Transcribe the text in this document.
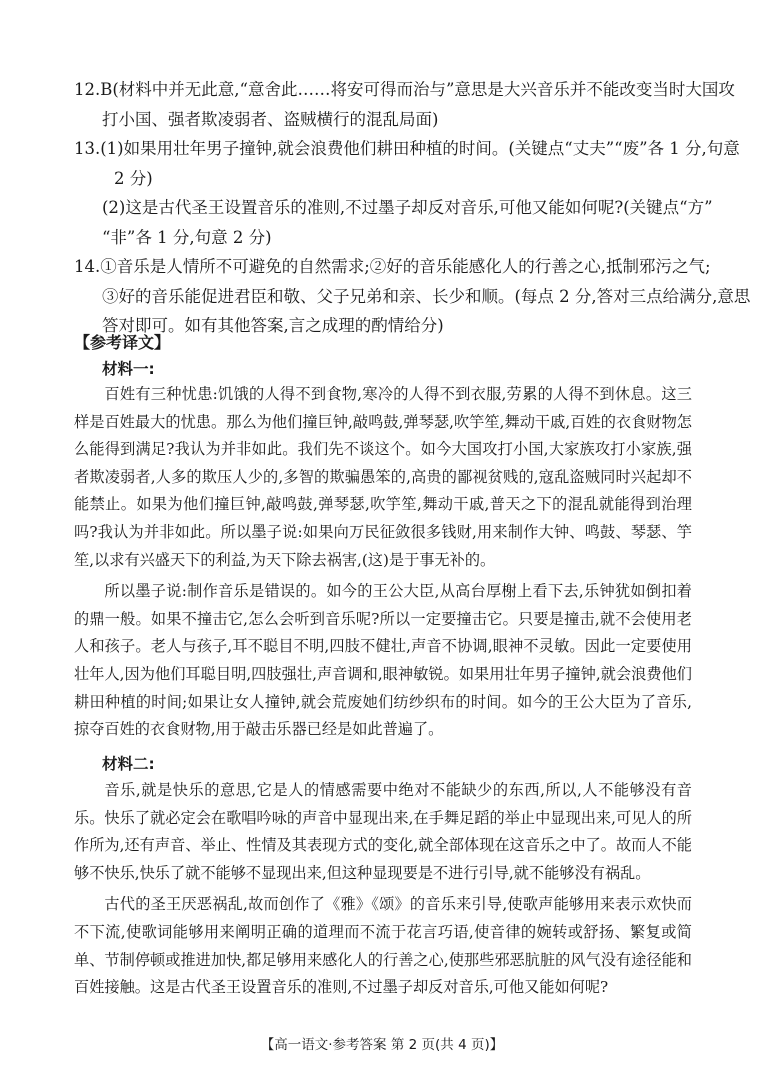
12.B(材料中并无此意,“意舍此……将安可得而治与”意思是大兴音乐并不能改变当时大国攻

打小国、强者欺凌弱者、盗贼横行的混乱局面)

13.(1)如果用壮年男子撞钟,就会浪费他们耕田种植的时间。(关键点“丈夫”“废”各 1 分,句意

2 分)

(2)这是古代圣王设置音乐的准则,不过墨子却反对音乐,可他又能如何呢?(关键点“方”

“非”各 1 分,句意 2 分)

14.①音乐是人情所不可避免的自然需求;②好的音乐能感化人的行善之心,抵制邪污之气;

③好的音乐能促进君臣和敬、父子兄弟和亲、长少和顺。(每点 2 分,答对三点给满分,意思

答对即可。如有其他答案,言之成理的酌情给分)

【参考译文】
材料一:

百姓有三种忧患:饥饿的人得不到食物,寒冷的人得不到衣服,劳累的人得不到休息。这三样是百姓最大的忧患。那么为他们撞巨钟,敲鸣鼓,弹琴瑟,吹竽笙,舞动干戚,百姓的衣食财物怎么能得到满足?我认为并非如此。我们先不谈这个。如今大国攻打小国,大家族攻打小家族,强者欺凌弱者,人多的欺压人少的,多智的欺骗愚笨的,高贵的鄙视贫贱的,寇乱盗贼同时兴起却不能禁止。如果为他们撞巨钟,敲鸣鼓,弹琴瑟,吹竽笙,舞动干戚,普天之下的混乱就能得到治理吗?我认为并非如此。所以墨子说:如果向万民征敛很多钱财,用来制作大钟、鸣鼓、琴瑟、竽笙,以求有兴盛天下的利益,为天下除去祸害,(这)是于事无补的。

所以墨子说:制作音乐是错误的。如今的王公大臣,从高台厚榭上看下去,乐钟犹如倒扣着的鼎一般。如果不撞击它,怎么会听到音乐呢?所以一定要撞击它。只要是撞击,就不会使用老人和孩子。老人与孩子,耳不聪目不明,四肢不健壮,声音不协调,眼神不灵敏。因此一定要使用壮年人,因为他们耳聪目明,四肢强壮,声音调和,眼神敏锐。如果用壮年男子撞钟,就会浪费他们耕田种植的时间;如果让女人撞钟,就会荒废她们纺纱织布的时间。如今的王公大臣为了音乐,掠夺百姓的衣食财物,用于敲击乐器已经是如此普遍了。

材料二:

音乐,就是快乐的意思,它是人的情感需要中绝对不能缺少的东西,所以,人不能够没有音乐。快乐了就必定会在歌唱吟咏的声音中显现出来,在手舞足蹈的举止中显现出来,可见人的所作所为,还有声音、举止、性情及其表现方式的变化,就全部体现在这音乐之中了。故而人不能够不快乐,快乐了就不能够不显现出来,但这种显现要是不进行引导,就不能够没有祸乱。

古代的圣王厌恶祸乱,故而创作了《雅》《颂》的音乐来引导,使歌声能够用来表示欢快而不下流,使歌词能够用来阐明正确的道理而不流于花言巧语,使音律的婉转或舒扬、繁复或简单、节制停顿或推进加快,都足够用来感化人的行善之心,使那些邪恶肮脏的风气没有途径能和百姓接触。这是古代圣王设置音乐的准则,不过墨子却反对音乐,可他又能如何呢?

【高一语文·参考答案 第 2 页(共 4 页)】
